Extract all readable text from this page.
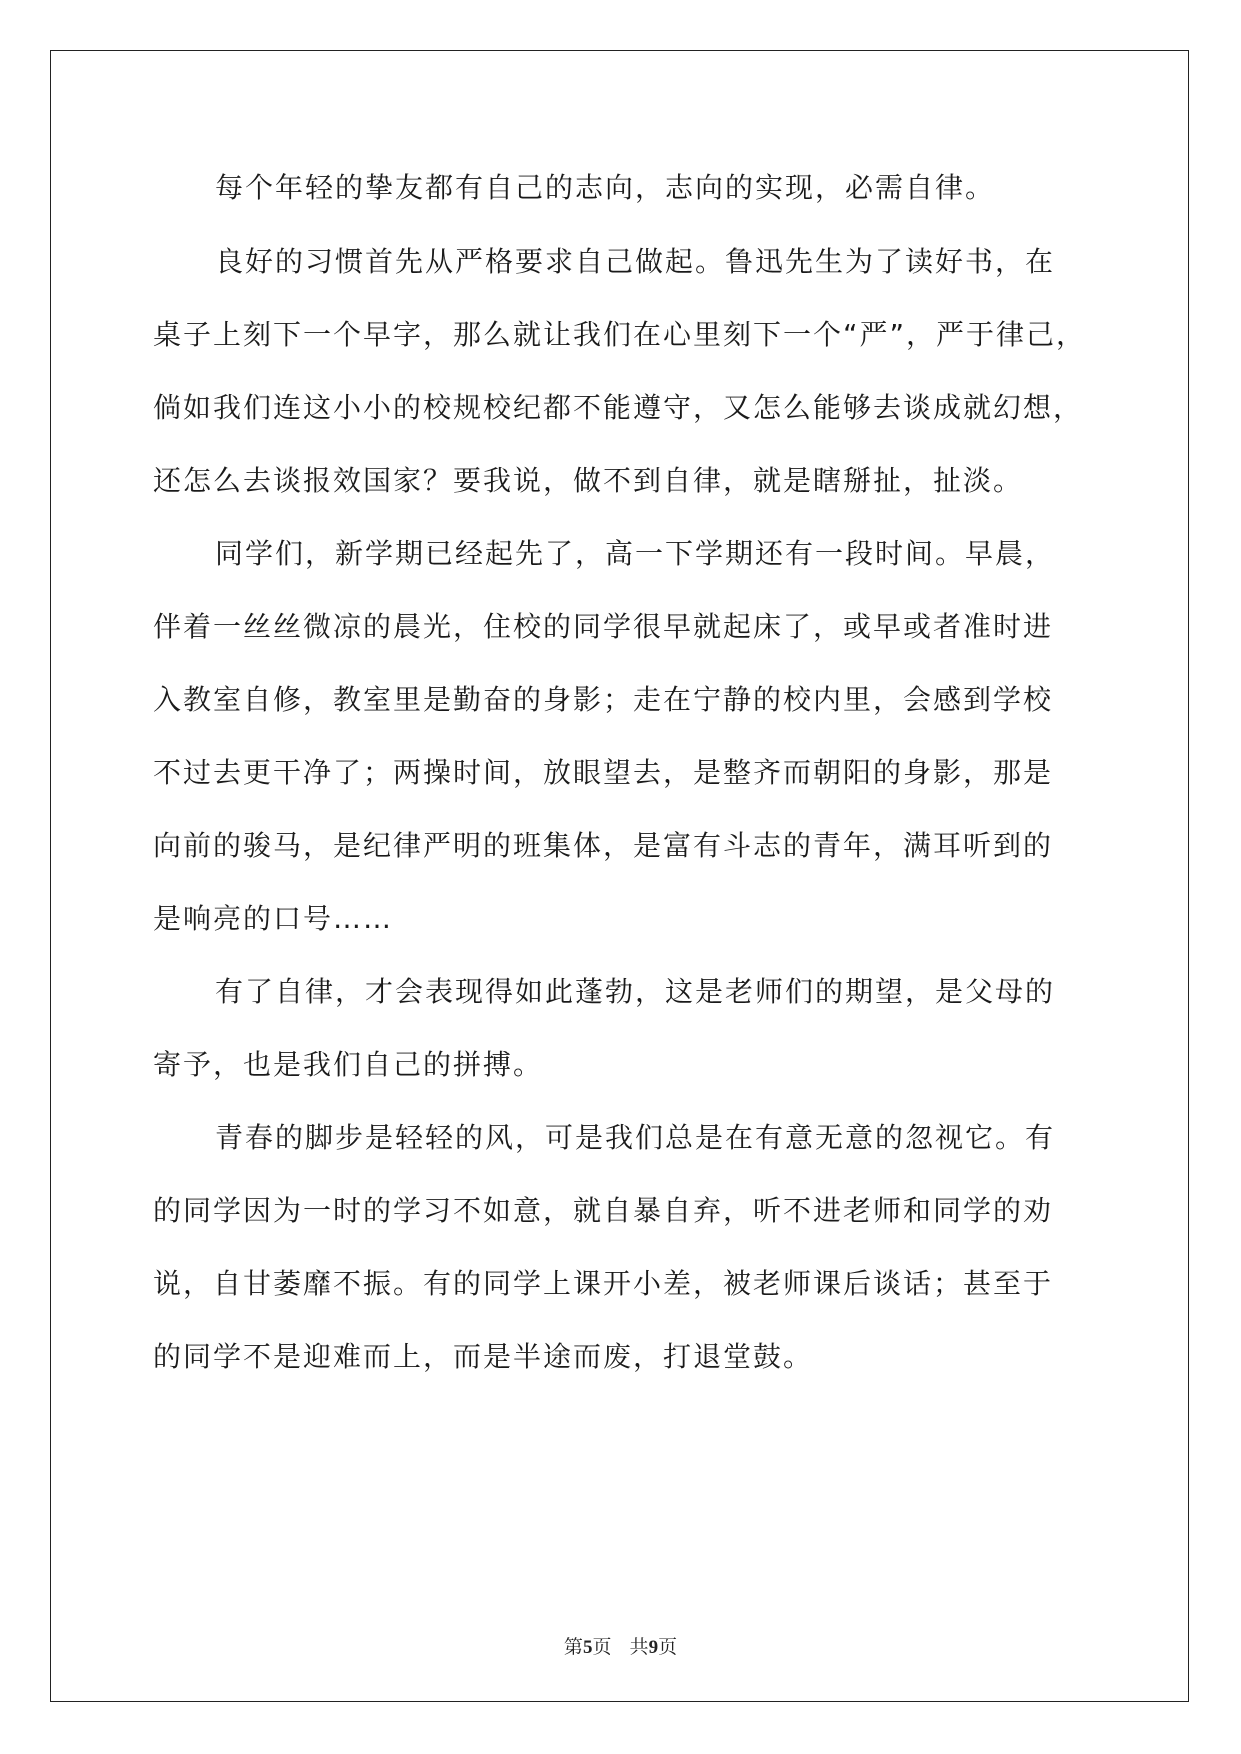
每个年轻的挚友都有自己的志向，志向的实现，必需自律。
良好的习惯首先从严格要求自己做起。鲁迅先生为了读好书，在
桌子上刻下一个早字，那么就让我们在心里刻下一个“严”，严于律己，
倘如我们连这小小的校规校纪都不能遵守，又怎么能够去谈成就幻想，
还怎么去谈报效国家？要我说，做不到自律，就是瞎掰扯，扯淡。
同学们，新学期已经起先了，高一下学期还有一段时间。早晨，
伴着一丝丝微凉的晨光，住校的同学很早就起床了，或早或者准时进
入教室自修，教室里是勤奋的身影；走在宁静的校内里，会感到学校
不过去更干净了；两操时间，放眼望去，是整齐而朝阳的身影，那是
向前的骏马，是纪律严明的班集体，是富有斗志的青年，满耳听到的
是响亮的口号……
有了自律，才会表现得如此蓬勃，这是老师们的期望，是父母的
寄予，也是我们自己的拼搏。
青春的脚步是轻轻的风，可是我们总是在有意无意的忽视它。有
的同学因为一时的学习不如意，就自暴自弃，听不进老师和同学的劝
说，自甘萎靡不振。有的同学上课开小差，被老师课后谈话；甚至于
的同学不是迎难而上，而是半途而废，打退堂鼓。
第5页   共9页
